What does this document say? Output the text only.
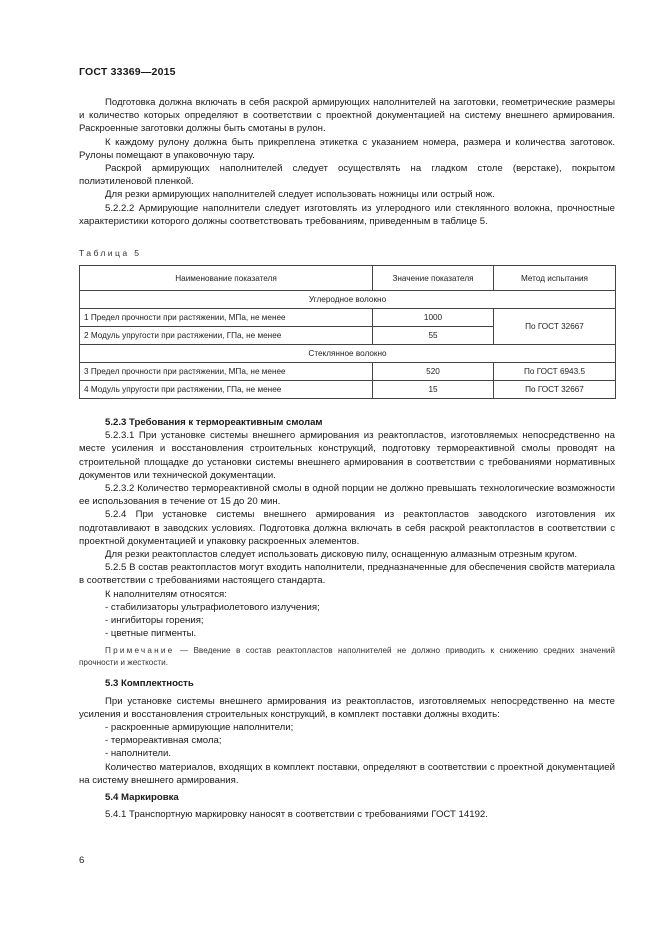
ГОСТ 33369—2015

Подготовка должна включать в себя раскрой армирующих наполнителей на заготовки, геометрические размеры и количество которых определяют в соответствии с проектной документацией на систему внешнего армирования. Раскроенные заготовки должны быть смотаны в рулон.

К каждому рулону должна быть прикреплена этикетка с указанием номера, размера и количества заготовок. Рулоны помещают в упаковочную тару.

Раскрой армирующих наполнителей следует осуществлять на гладком столе (верстаке), покрытом полиэтиленовой пленкой.

Для резки армирующих наполнителей следует использовать ножницы или острый нож.

5.2.2.2 Армирующие наполнители следует изготовлять из углеродного или стеклянного волокна, прочностные характеристики которого должны соответствовать требованиям, приведенным в таблице 5.

Таблица 5
Наименование показателя	Значение показателя	Метод испытания
Углеродное волокно		
1 Предел прочности при растяжении, МПа, не менее	1000	По ГОСТ 32667
2 Модуль упругости при растяжении, ГПа, не менее	55	
Стеклянное волокно		
3 Предел прочности при растяжении, МПа, не менее	520	По ГОСТ 6943.5
4 Модуль упругости при растяжении, ГПа, не менее	15	По ГОСТ 32667

5.2.3 Требования к термореактивным смолам

5.2.3.1 При установке системы внешнего армирования из реактопластов, изготовляемых непосредственно на месте усиления и восстановления строительных конструкций, подготовку термореактивной смолы проводят на строительной площадке до установки системы внешнего армирования в соответствии с требованиями нормативных документов или технической документации.

5.2.3.2 Количество термореактивной смолы в одной порции не должно превышать технологические возможности ее использования в течение от 15 до 20 мин.

5.2.4 При установке системы внешнего армирования из реактопластов заводского изготовления их подготавливают в заводских условиях. Подготовка должна включать в себя раскрой реактопластов в соответствии с проектной документацией и упаковку раскроенных элементов.

Для резки реактопластов следует использовать дисковую пилу, оснащенную алмазным отрезным кругом.

5.2.5 В состав реактопластов могут входить наполнители, предназначенные для обеспечения свойств материала в соответствии с требованиями настоящего стандарта.

К наполнителям относятся:

- стабилизаторы ультрафиолетового излучения;

- ингибиторы горения;

- цветные пигменты.

Примечание — Введение в состав реактопластов наполнителей не должно приводить к снижению средних значений прочности и жесткости.

5.3 Комплектность

При установке системы внешнего армирования из реактопластов, изготовляемых непосредственно на месте усиления и восстановления строительных конструкций, в комплект поставки должны входить:

- раскроенные армирующие наполнители;

- термореактивная смола;

- наполнители.

Количество материалов, входящих в комплект поставки, определяют в соответствии с проектной документацией на систему внешнего армирования.

5.4 Маркировка

5.4.1 Транспортную маркировку наносят в соответствии с требованиями ГОСТ 14192.

6
